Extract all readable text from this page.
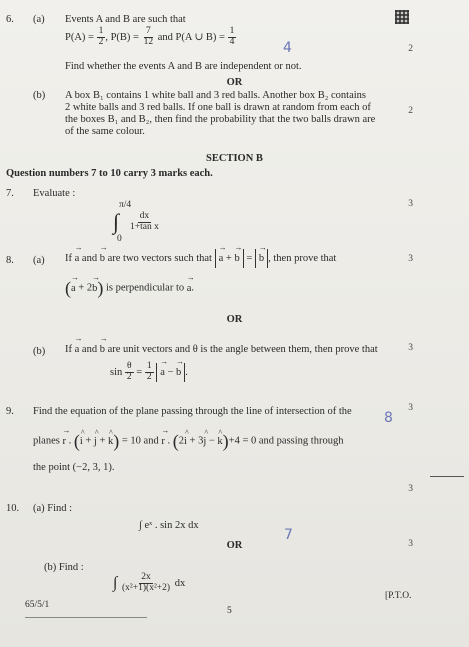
6. (a) Events A and B are such that
$P(A) = \frac{1}{2}$ , $P(B) = \frac{7}{12}$ and P(A ∪ $B) = \frac{1}{4}$
4	2
Find whether the events A and B are independent or not.
OR
(b) A box B₁ contains 1 white ball and 3 red balls. Another box B₂ contains
2 white balls and 3 red balls. If one ball is drawn at random from each of	2
the boxes B₁ and B₂, then find the probability that the two balls drawn are
of the same colour.
SECTION B
Question numbers 7 to 10 carry 3 marks each.
7. Evaluate :
π/4
∫
0
$\frac{dx}{\text{1+tan x}}$
3
8. (a) If → a and → b are two vectors such that → a + → b = → b , then prove that	3
(→ a + 2→ b) is perpendicular to → a.
OR
(b) If → a and → b are unit vectors and θ is the angle between them, then prove that	3
$\sin \frac{\theta}{2} = \frac{1}{2} \to a$ − → b .
9. Find the equation of the plane passing through the line of intersection of the	3
8
planes → r . (^ i + ^ j + ^ k) = 10 and → r . (2^ i + 3^ j − ^ k)+4 = 0 and passing through
the point (−2, 3, 1).
3
10. (a) Find :
∫ eˣ . sin 2x dx
7
OR	3
(b) Find :
∫ $\frac{2x}{\text{(x²+1)(x²+2)}}$ dx
65/5/1
5
[P.T.O.
